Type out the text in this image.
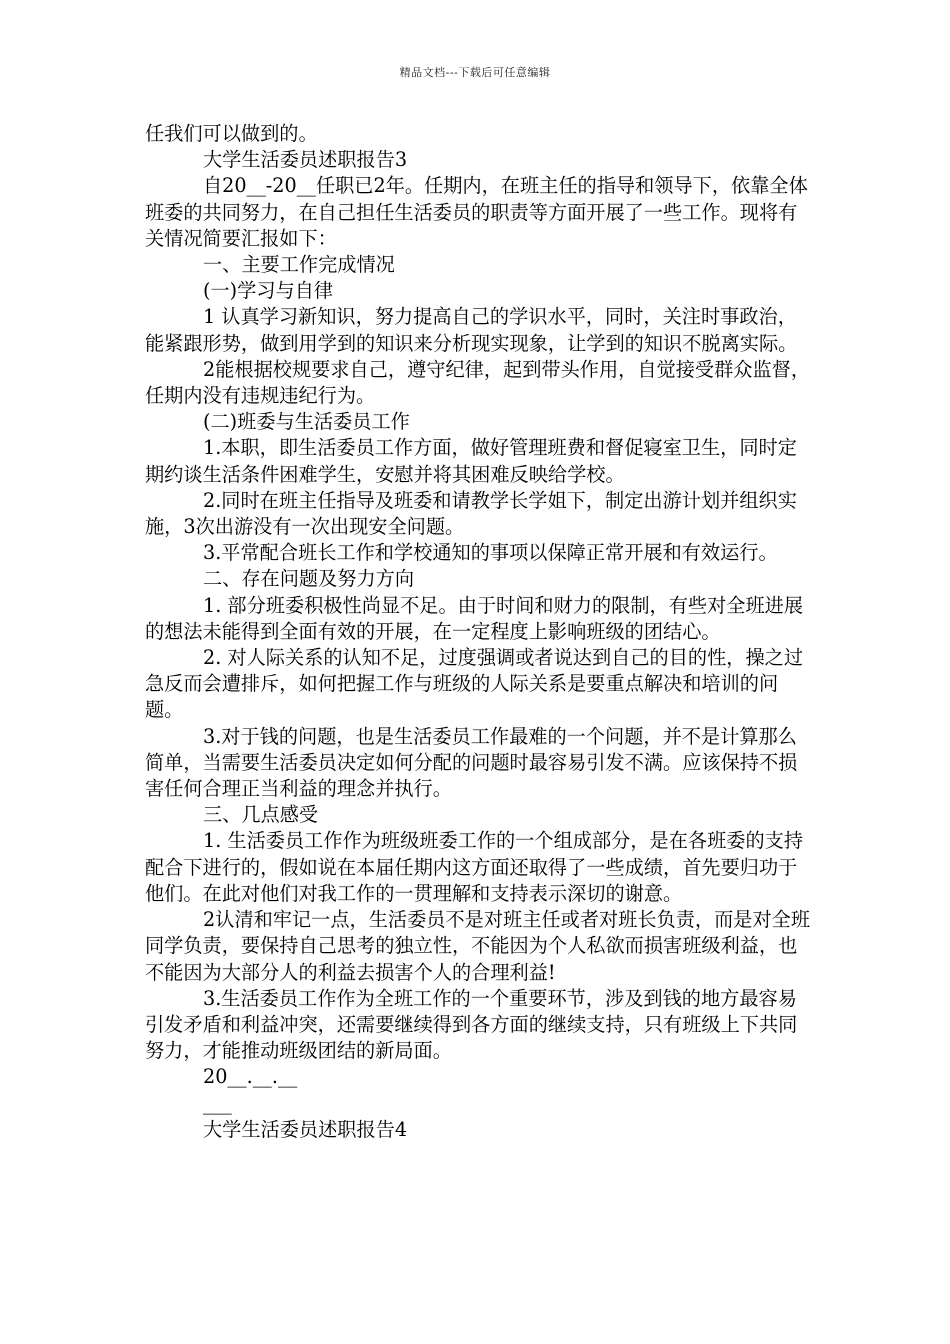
精品文档---下载后可任意编辑

任我们可以做到的。

大学生活委员述职报告3

自20__-20__任职已2年。任期内，在班主任的指导和领导下，依靠全体班委的共同努力，在自己担任生活委员的职责等方面开展了一些工作。现将有关情况简要汇报如下：

一、主要工作完成情况

(一)学习与自律

1 认真学习新知识，努力提高自己的学识水平，同时，关注时事政治，能紧跟形势，做到用学到的知识来分析现实现象，让学到的知识不脱离实际。

2能根据校规要求自己，遵守纪律，起到带头作用，自觉接受群众监督，任期内没有违规违纪行为。

(二)班委与生活委员工作

1.本职，即生活委员工作方面，做好管理班费和督促寝室卫生，同时定期约谈生活条件困难学生，安慰并将其困难反映给学校。

2.同时在班主任指导及班委和请教学长学姐下，制定出游计划并组织实施，3次出游没有一次出现安全问题。

3.平常配合班长工作和学校通知的事项以保障正常开展和有效运行。

二、存在问题及努力方向

1. 部分班委积极性尚显不足。由于时间和财力的限制，有些对全班进展的想法未能得到全面有效的开展，在一定程度上影响班级的团结心。

2. 对人际关系的认知不足，过度强调或者说达到自己的目的性，操之过急反而会遭排斥，如何把握工作与班级的人际关系是要重点解决和培训的问题。

3.对于钱的问题，也是生活委员工作最难的一个问题，并不是计算那么简单，当需要生活委员决定如何分配的问题时最容易引发不满。应该保持不损害任何合理正当利益的理念并执行。

三、几点感受

1. 生活委员工作作为班级班委工作的一个组成部分，是在各班委的支持配合下进行的，假如说在本届任期内这方面还取得了一些成绩，首先要归功于他们。在此对他们对我工作的一贯理解和支持表示深切的谢意。

2认清和牢记一点，生活委员不是对班主任或者对班长负责，而是对全班同学负责，要保持自己思考的独立性，不能因为个人私欲而损害班级利益，也不能因为大部分人的利益去损害个人的合理利益!

3.生活委员工作作为全班工作的一个重要环节，涉及到钱的地方最容易引发矛盾和利益冲突，还需要继续得到各方面的继续支持，只有班级上下共同努力，才能推动班级团结的新局面。

20__.__.__

___

大学生活委员述职报告4
